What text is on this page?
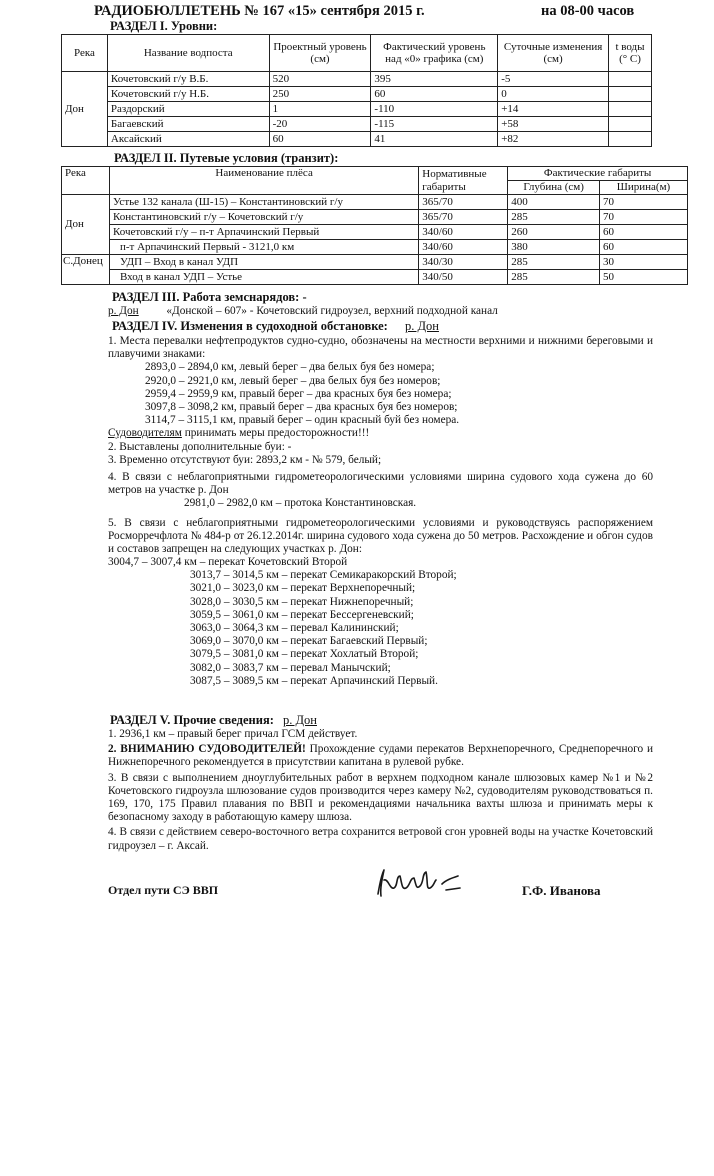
РАДИОБЮЛЛЕТЕНЬ № 167 «15» сентября 2015 г.	на 08-00 часов
РАЗДЕЛ I. Уровни:
Река	Название водпоста	Проектный уровень (см)	Фактический уровень над «0» графика (см)	Суточные изменения (см)	t воды (° С)
Дон	Кочетовский г/у В.Б.	520	395	-5	
	Кочетовский г/у Н.Б.	250	60	0	
	Раздорский	1	-110	+14	
	Багаевский	-20	-115	+58	
	Аксайский	60	41	+82	
РАЗДЕЛ II. Путевые условия (транзит):
Река	Наименование плёса	Нормативные габариты	Фактические габариты	
			Глубина (см)	Ширина(м)
Дон	Устье 132 канала (Ш-15) – Константиновский г/у	365/70	400	70
	Константиновский г/у – Кочетовский г/у	365/70	285	70
	Кочетовский г/у – п-т Арпачинский Первый	340/60	260	60
	п-т Арпачинский Первый - 3121,0 км	340/60	380	60
С.Донец	УДП – Вход в канал УДП	340/30	285	30
	Вход в канал УДП – Устье	340/50	285	50
РАЗДЕЛ III. Работа земснарядов: -
р. Дон «Донской – 607» - Кочетовский гидроузел, верхний подходной канал
РАЗДЕЛ IV. Изменения в судоходной обстановке: р. Дон
1. Места перевалки нефтепродуктов судно-судно, обозначены на местности верхними и нижними береговыми и плавучими знаками:
2893,0 – 2894,0 км, левый берег – два белых буя без номера;
2920,0 – 2921,0 км, левый берег – два белых буя без номеров;
2959,4 – 2959,9 км, правый берег – два красных буя без номера;
3097,8 – 3098,2 км, правый берег – два красных буя без номеров;
3114,7 – 3115,1 км, правый берег – один красный буй без номера.
Судоводителям принимать меры предосторожности!!!
2. Выставлены дополнительные буи: -
3. Временно отсутствуют буи: 2893,2 км - № 579, белый;
4. В связи с неблагоприятными гидрометеорологическими условиями ширина судового хода сужена до 60 метров на участке р. Дон
2981,0 – 2982,0 км – протока Константиновская.
5. В связи с неблагоприятными гидрометеорологическими условиями и руководствуясь распоряжением Росморречфлота № 484-р от 26.12.2014г. ширина судового хода сужена до 50 метров. Расхождение и обгон судов и составов запрещен на следующих участках р. Дон:
3004,7 – 3007,4 км – перекат Кочетовский Второй
3013,7 – 3014,5 км – перекат Семикаракорский Второй;
3021,0 – 3023,0 км – перекат Верхнепоречный;
3028,0 – 3030,5 км – перекат Нижнепоречный;
3059,5 – 3061,0 км – перекат Бессергеневский;
3063,0 – 3064,3 км – перевал Калининский;
3069,0 – 3070,0 км – перекат Багаевский Первый;
3079,5 – 3081,0 км – перекат Хохлатый Второй;
3082,0 – 3083,7 км – перевал Манычский;
3087,5 – 3089,5 км – перекат Арпачинский Первый.
РАЗДЕЛ V. Прочие сведения: р. Дон
1. 2936,1 км – правый берег причал ГСМ действует.
2. ВНИМАНИЮ СУДОВОДИТЕЛЕЙ! Прохождение судами перекатов Верхнепоречного, Среднепоречного и Нижнепоречного рекомендуется в присутствии капитана в рулевой рубке.
3. В связи с выполнением дноуглубительных работ в верхнем подходном канале шлюзовых камер №1 и №2 Кочетовского гидроузла шлюзование судов производится через камеру №2, судоводителям руководствоваться п. 169, 170, 175 Правил плавания по ВВП и рекомендациями начальника вахты шлюза и принимать меры к безопасному заходу в работающую камеру шлюза.
4. В связи с действием северо-восточного ветра сохранится ветровой сгон уровней воды на участке Кочетовский гидроузел – г. Аксай.
Отдел пути СЭ ВВП	Г.Ф. Иванова
